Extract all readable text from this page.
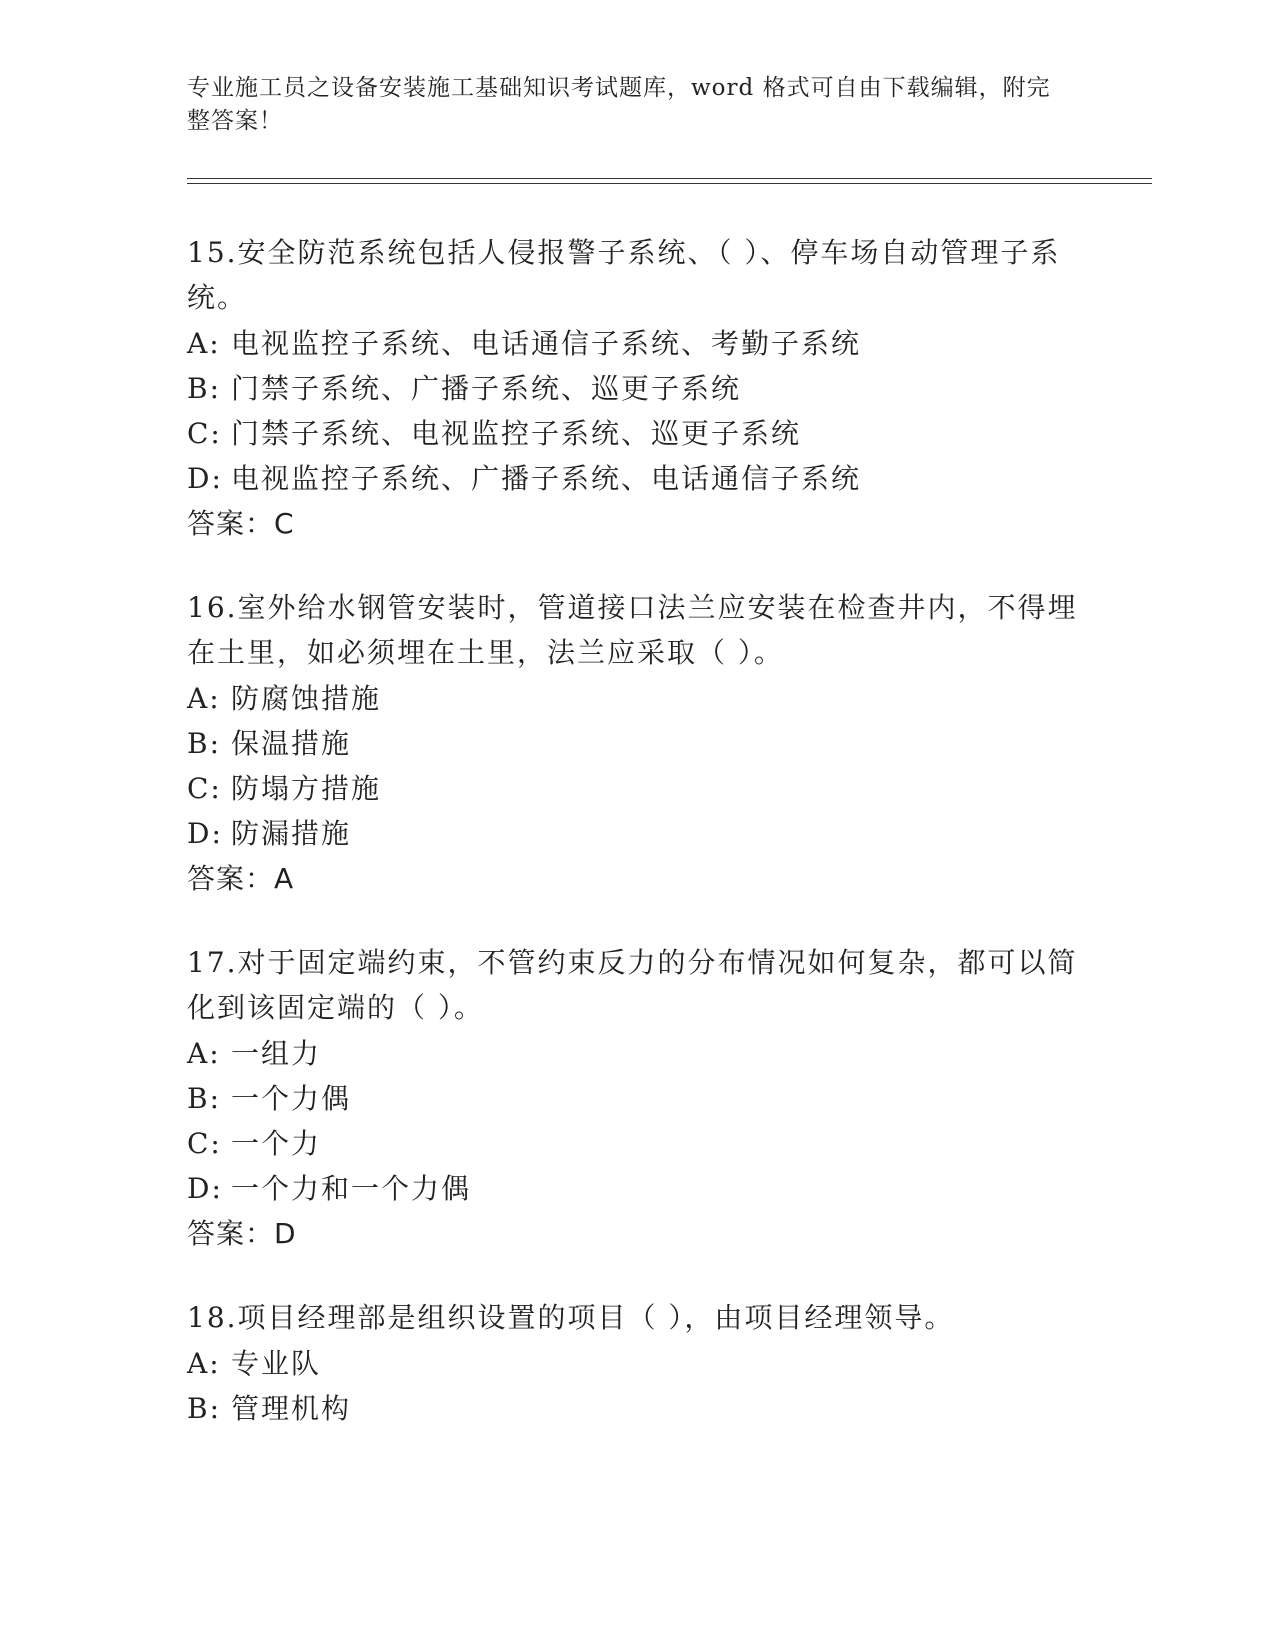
专业施工员之设备安装施工基础知识考试题库，word 格式可自由下载编辑，附完整答案！
15.安全防范系统包括人侵报警子系统、（ ）、停车场自动管理子系统。
A: 电视监控子系统、电话通信子系统、考勤子系统
B: 门禁子系统、广播子系统、巡更子系统
C: 门禁子系统、电视监控子系统、巡更子系统
D: 电视监控子系统、广播子系统、电话通信子系统
答案：C
16.室外给水钢管安装时，管道接口法兰应安装在检查井内，不得埋在土里，如必须埋在土里，法兰应采取（ ）。
A: 防腐蚀措施
B: 保温措施
C: 防塌方措施
D: 防漏措施
答案：A
17.对于固定端约束，不管约束反力的分布情况如何复杂，都可以简化到该固定端的（ ）。
A: 一组力
B: 一个力偶
C: 一个力
D: 一个力和一个力偶
答案：D
18.项目经理部是组织设置的项目（ ），由项目经理领导。
A: 专业队
B: 管理机构
